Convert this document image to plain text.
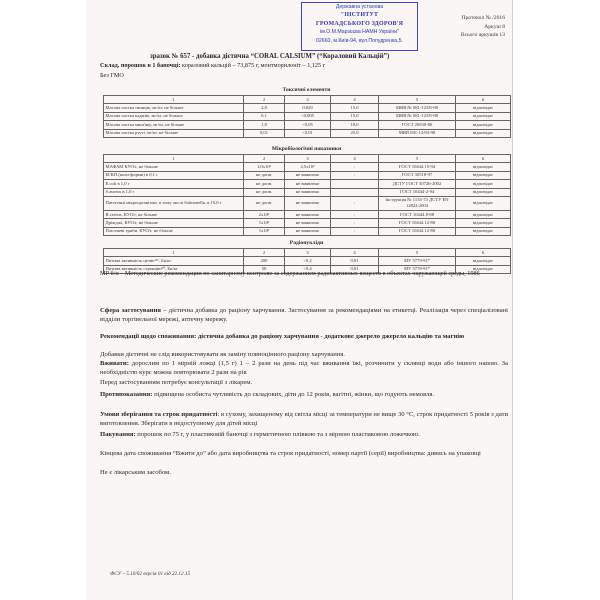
Державна установа
"ІНСТИТУТ
ГРОМАДСЬКОГО ЗДОРОВ'Я
ім.О.М.Марзєєва НАМН України"
02660, м.Київ-94, вул.Попудренка,5.
Протокол № /2016
Аркуш 8
Всього аркушів 13
зразок № 657 - добавка дієтична “CORAL CALSIUM” (“Кораловий Кальцій”)
Склад, порошок в 1 баночці: кораловий кальцій – 73,875 г, монтморилоніт – 1,125 г
Без ГМО
Токсичні елементи
1	2	3	4	5	6
Масова частка свинцю, мг/кг, не більше	2,0	0,029	15,0	МВВ № 081-12/05-98	відповідає
Масова частка кадмію, мг/кг, не більше	0,1	<0,005	15,0	МВВ № 081-12/05-98	відповідає
Масова частка миш'яку, мг/кг, не більше	1,0	<0,05	18,0	ГОСТ 26930-86	відповідає
Масова частка ртуті, мг/кг, не більше	0,01	<0,01	25,0	МВВ 081-12/03-98	відповідає
Мікробіологічні показники
1	2	3	4	5	6
МАФАМ КУО/г, не більше	1,0x10³	2,5x10²	:	ГОСТ 10444.15-94	відповідає
БГКП (коли-форми) в 0,1 г	не допв.	не виявлено	:	ГОСТ 30518-97	відповідає
E.coli в 1,0 г	не допв.	не виявлено		ДСТУ ГОСТ 30726-2002	відповідає
S.aureus в 1,0 г	не допв.	не виявлено		ГОСТ 10444-2-94	відповідає
Патогенні мікроорганізми, в тому числі Salmonella, в 10,0 г	не допв.	не виявлено	:	Інструкція № 1135-73 ДСТУ EN 12824:2004	відповідає
B.cereus, КУО/г, не більше	2x10²	не виявлено	:	ГОСТ 10444.8-88	відповідає
Дріжджі, КУО/г, не більше	1x10²	не виявлено	:	ГОСТ 10444.12-88	відповідає
Плісеневі гриби, КУО/г, не більше	1x10²	не виявлено	:	ГОСТ 10444.12-88	відповідає
Радіонукліди
1	2	3	4	5	6
Питома активність цезію¹³⁷, Бк/кг	200	<0,2	0,01	МУ 5779-91*	відповідає
Питома активність стронцію⁹⁰, Бк/кг	50	<0,4	0,01	МУ 5778-91*	відповідає
МР б/н – Методические рекомендации по санитарному контролю за содержанием радиоактивных веществ в объектах окружающей среды, 1986
Сфера застосування – дієтична добавка до раціону харчування. Застосування за рекомендаціями на етикетці. Реалізація через спеціалізовані відділи торгівельної мережі, аптечну мережу.
Рекомендації щодо споживання: дієтична добавка до раціону харчування - додаткове джерело джерело кальцію та магнію
Добавки дієтичні не слід використовувати як заміну повноцінного раціону харчування.
Вживати: дорослим по 1 мірній ложці (1,5 г) 1 – 2 рази на день під час вживання їжі, розчинити у склянці води або іншого напою. За необхідністю курс можна повторювати 2 рази на рік
Перед застосуванням потребує консультації з лікарем.
Протипоказання: підвищена особиста чутливість до складових, діти до 12 років, вагітні, жінки, що годують немовля.
Умови зберігання та строк придатності: в сухому, захищеному від світла місці за температури не вище 30 °С, строк придатності 5 років з дати виготовлення. Зберігати в недоступному для дітей місці
Пакування: порошок по 75 г, у пластиковій баночці з герметичною плівкою та з мірною пластиковою ложечкою.
Кінцева дата споживання “Вжити до” або дата виробництва та строк придатності, номер партії (серії) виробництва: дивись на упаковці
Не є лікарським засобом.
ФСУ – 5.10/02 версія 01 від 22.12.15
